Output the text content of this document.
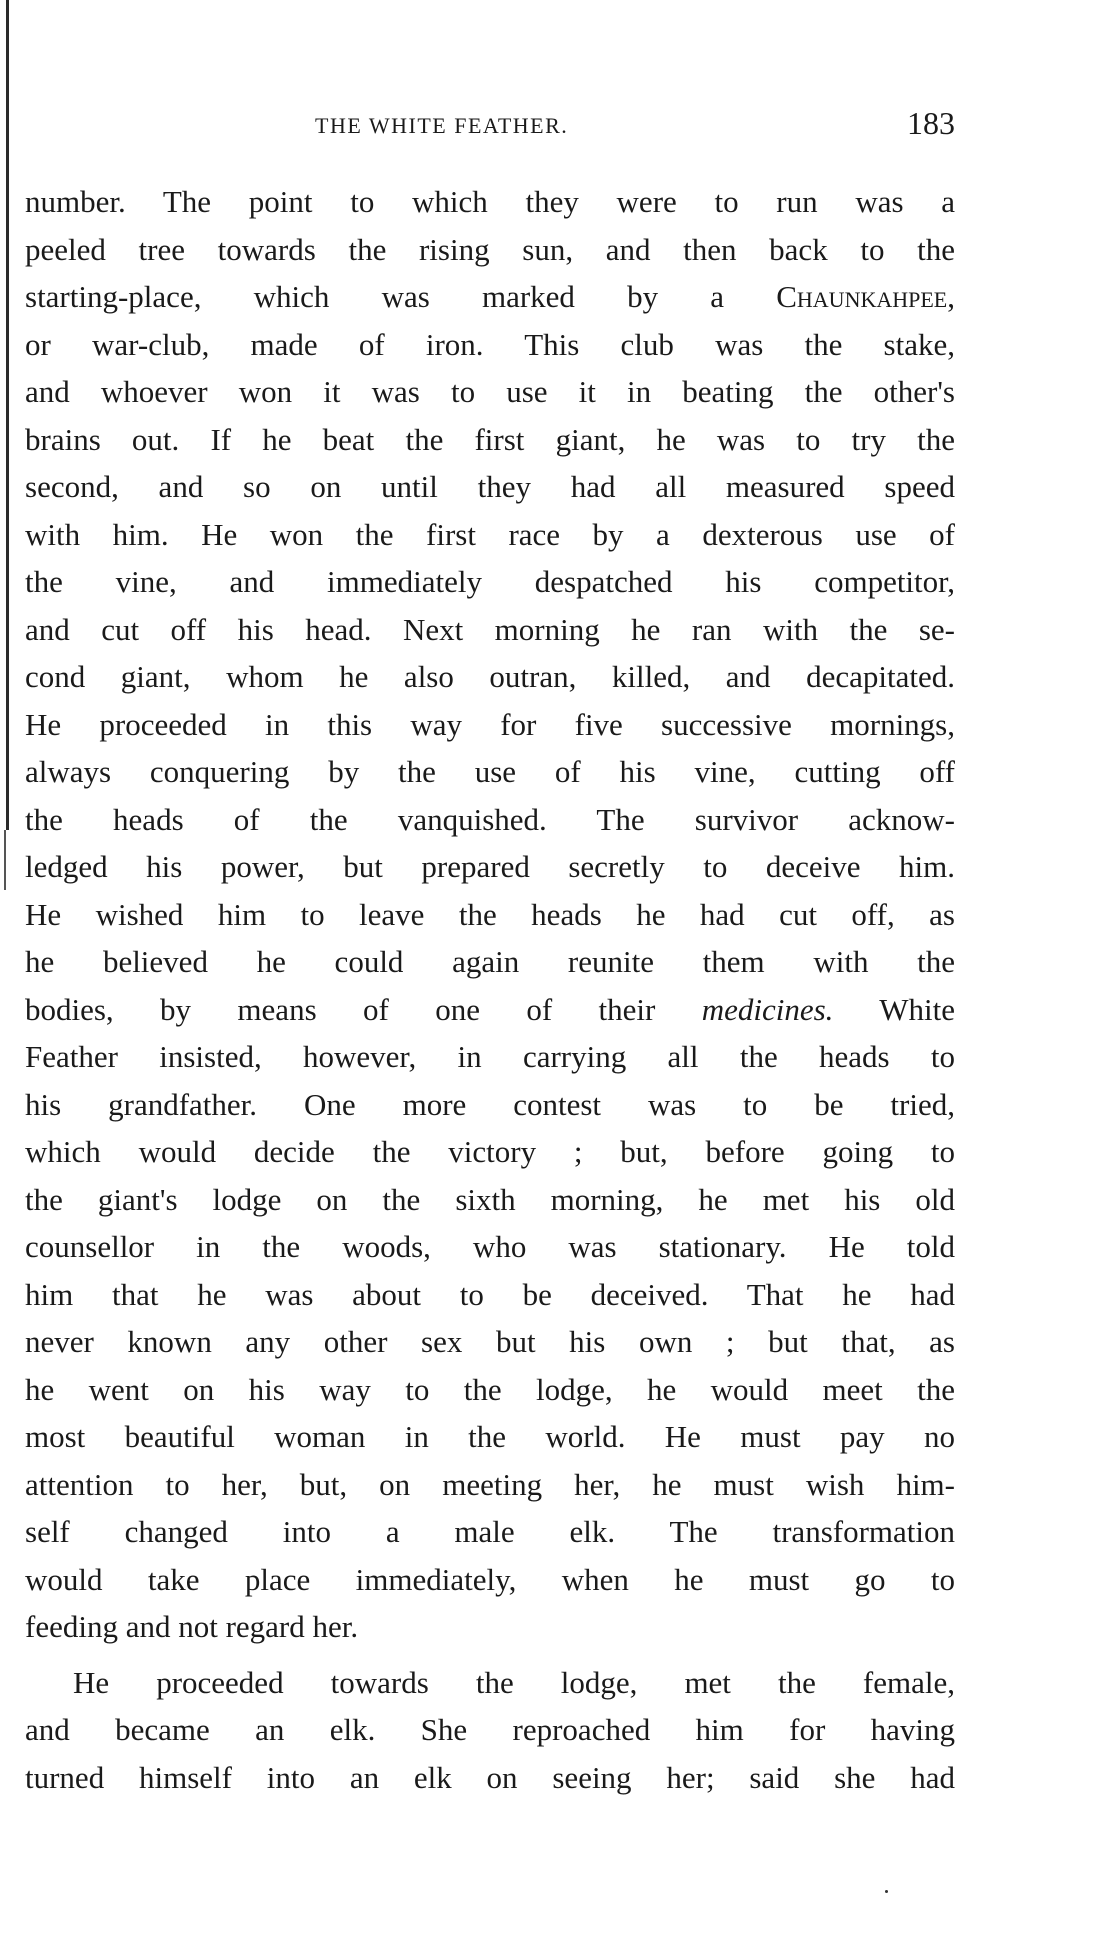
THE WHITE FEATHER.	183
number. The point to which they were to run was a
peeled tree towards the rising sun, and then back to the
starting-place, which was marked by a Chaunkahpee,
or war-club, made of iron. This club was the stake,
and whoever won it was to use it in beating the other's
brains out. If he beat the first giant, he was to try the
second, and so on until they had all measured speed
with him. He won the first race by a dexterous use of
the vine, and immediately despatched his competitor,
and cut off his head. Next morning he ran with the se-
cond giant, whom he also outran, killed, and decapitated.
He proceeded in this way for five successive mornings,
always conquering by the use of his vine, cutting off
the heads of the vanquished. The survivor acknow-
ledged his power, but prepared secretly to deceive him.
He wished him to leave the heads he had cut off, as
he believed he could again reunite them with the
bodies, by means of one of their medicines. White
Feather insisted, however, in carrying all the heads to
his grandfather. One more contest was to be tried,
which would decide the victory ; but, before going to
the giant's lodge on the sixth morning, he met his old
counsellor in the woods, who was stationary. He told
him that he was about to be deceived. That he had
never known any other sex but his own ; but that, as
he went on his way to the lodge, he would meet the
most beautiful woman in the world. He must pay no
attention to her, but, on meeting her, he must wish him-
self changed into a male elk. The transformation
would take place immediately, when he must go to
feeding and not regard her.
He proceeded towards the lodge, met the female,
and became an elk. She reproached him for having
turned himself into an elk on seeing her; said she had
